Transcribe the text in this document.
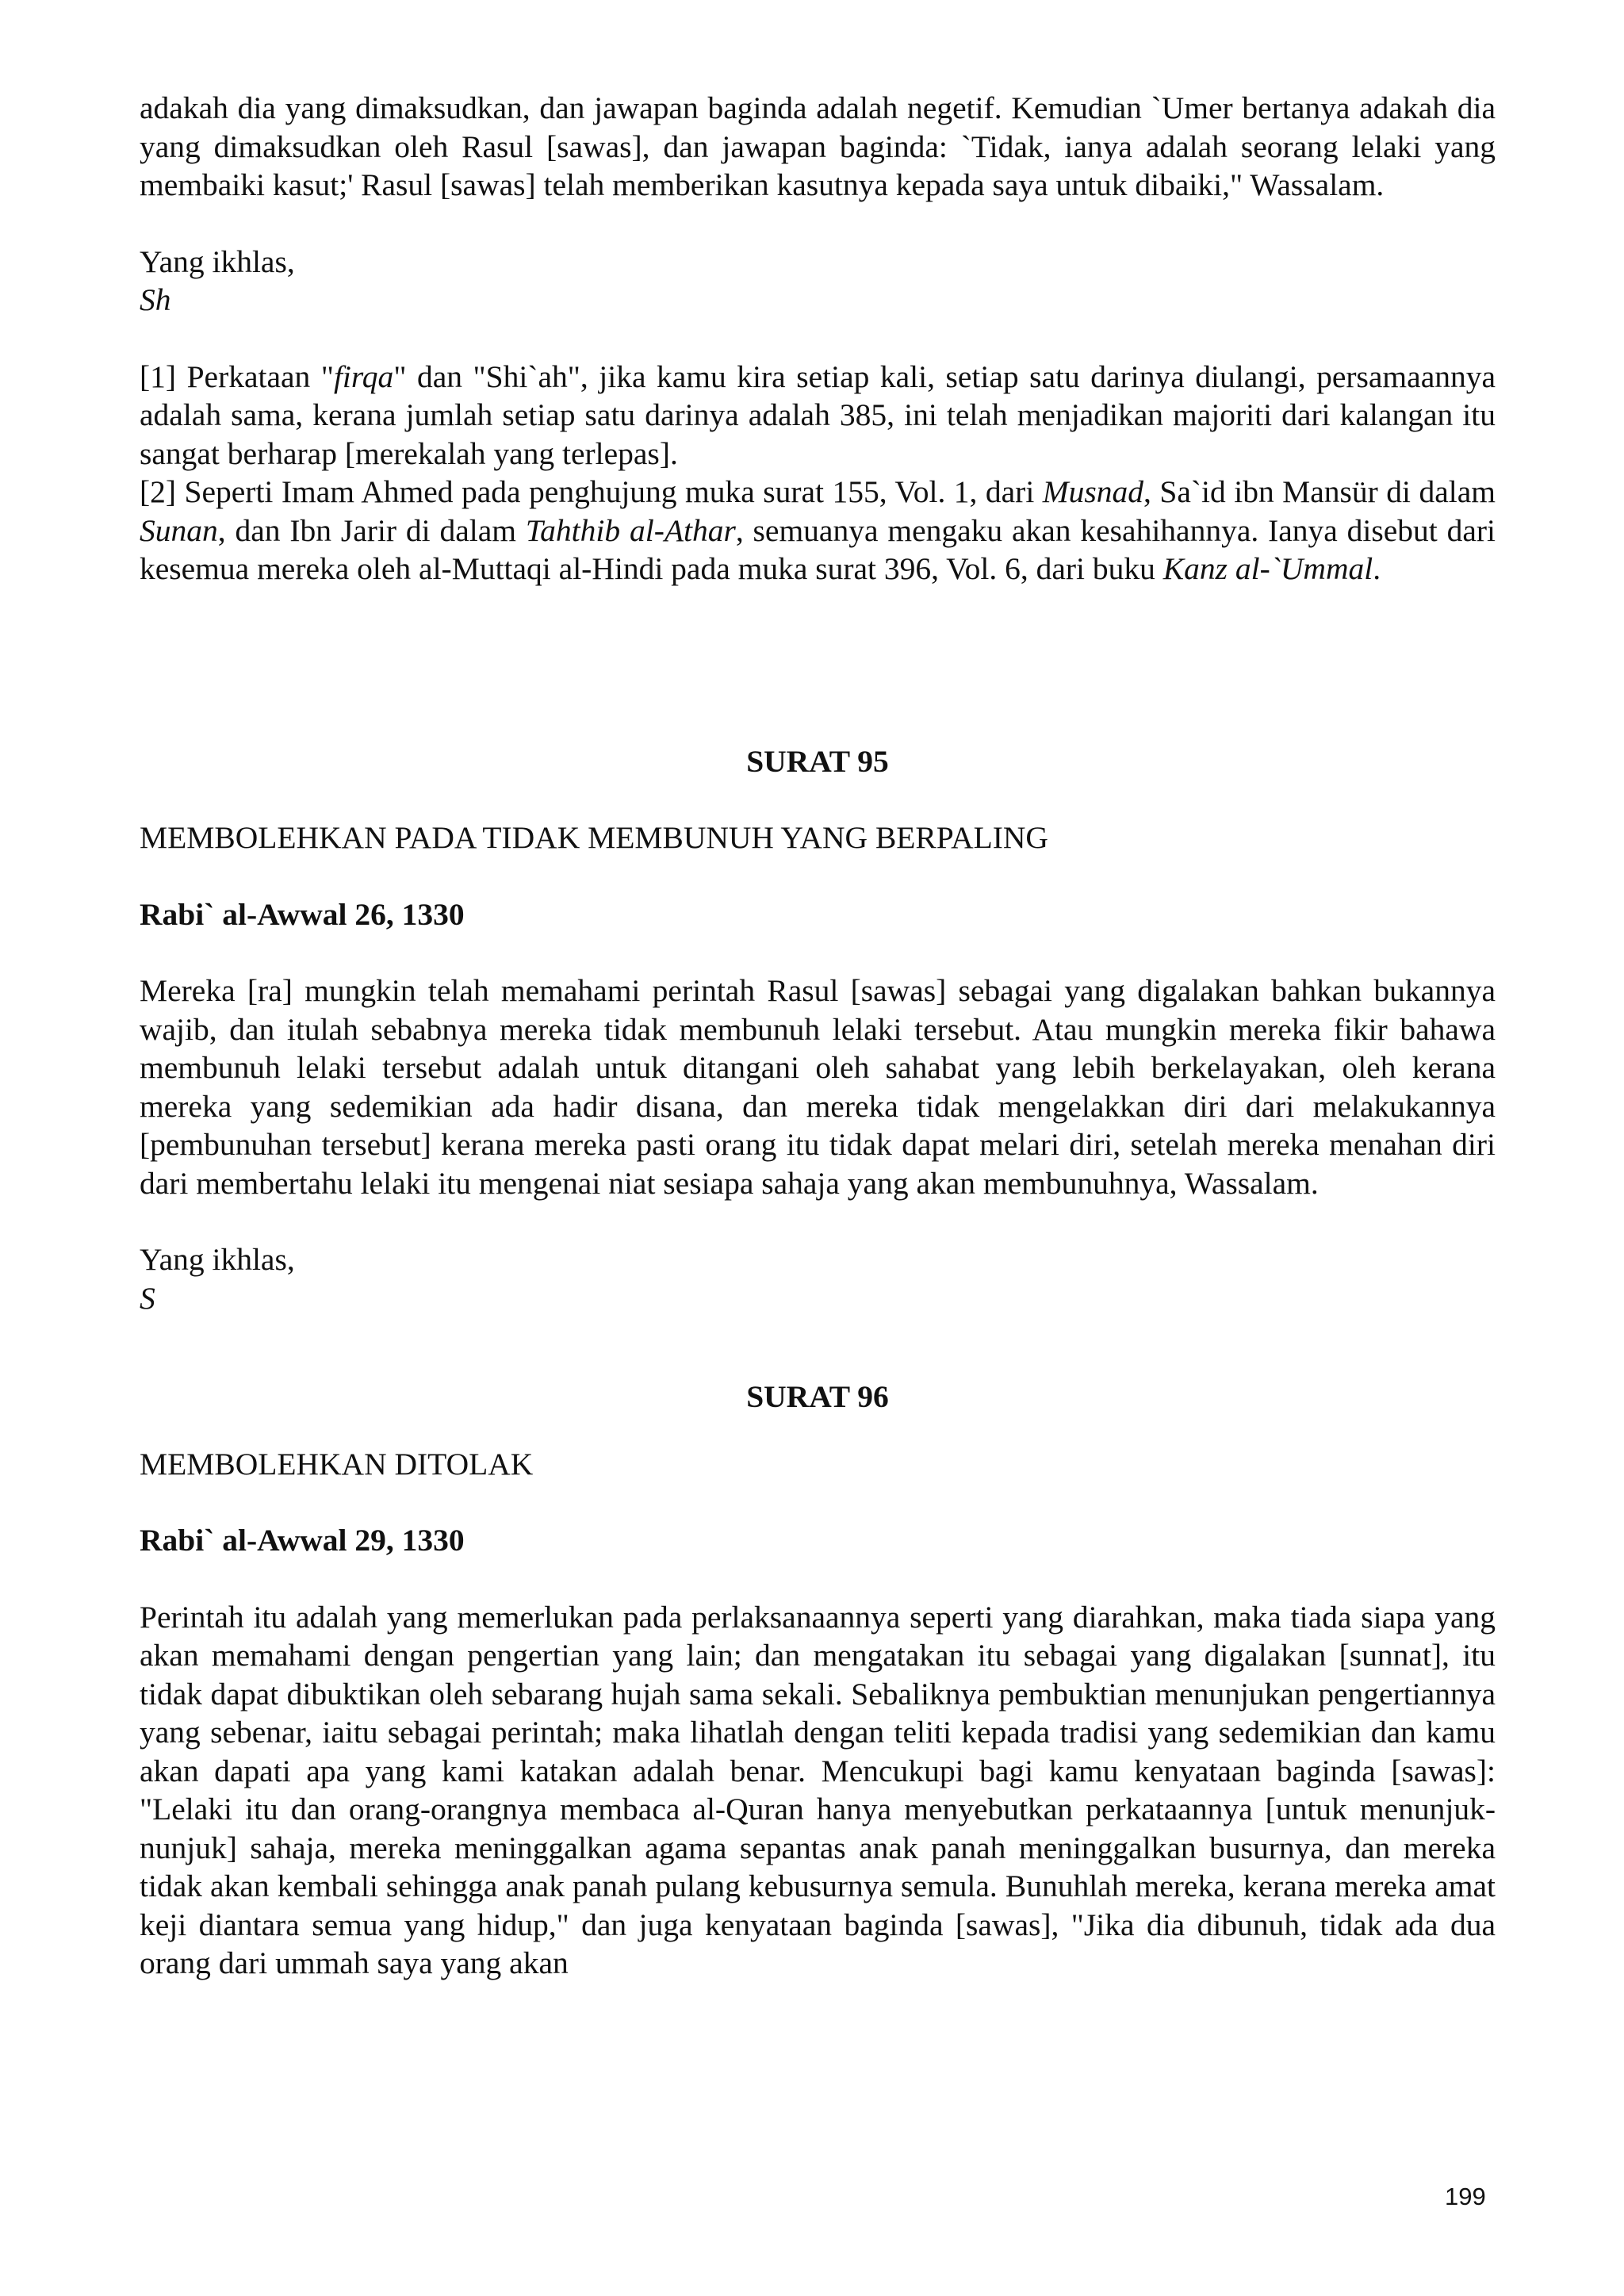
adakah dia yang dimaksudkan, dan jawapan baginda adalah negetif. Kemudian `Umer bertanya adakah dia yang dimaksudkan oleh Rasul [sawas], dan jawapan baginda: `Tidak, ianya adalah seorang lelaki yang membaiki kasut;' Rasul [sawas] telah memberikan kasutnya kepada saya untuk dibaiki," Wassalam.

Yang ikhlas,

Sh

[1] Perkataan "firqa" dan "Shi`ah", jika kamu kira setiap kali, setiap satu darinya diulangi, persamaannya adalah sama, kerana jumlah setiap satu darinya adalah 385, ini telah menjadikan majoriti dari kalangan itu sangat berharap [merekalah yang terlepas].

[2] Seperti Imam Ahmed pada penghujung muka surat 155, Vol. 1, dari Musnad, Sa`id ibn Mansür di dalam Sunan, dan Ibn Jarir di dalam Tahthib al-Athar, semuanya mengaku akan kesahihannya. Ianya disebut dari kesemua mereka oleh al-Muttaqi al-Hindi pada muka surat 396, Vol. 6, dari buku Kanz al-`Ummal.

SURAT 95

MEMBOLEHKAN PADA TIDAK MEMBUNUH YANG BERPALING

Rabi` al-Awwal 26, 1330

Mereka [ra] mungkin telah memahami perintah Rasul [sawas] sebagai yang digalakan bahkan bukannya wajib, dan itulah sebabnya mereka tidak membunuh lelaki tersebut. Atau mungkin mereka fikir bahawa membunuh lelaki tersebut adalah untuk ditangani oleh sahabat yang lebih berkelayakan, oleh kerana mereka yang sedemikian ada hadir disana, dan mereka tidak mengelakkan diri dari melakukannya [pembunuhan tersebut] kerana mereka pasti orang itu tidak dapat melari diri, setelah mereka menahan diri dari membertahu lelaki itu mengenai niat sesiapa sahaja yang akan membunuhnya, Wassalam.

Yang ikhlas,

S

SURAT 96

MEMBOLEHKAN DITOLAK

Rabi` al-Awwal 29, 1330

Perintah itu adalah yang memerlukan pada perlaksanaannya seperti yang diarahkan, maka tiada siapa yang akan memahami dengan pengertian yang lain; dan mengatakan itu sebagai yang digalakan [sunnat], itu tidak dapat dibuktikan oleh sebarang hujah sama sekali. Sebaliknya pembuktian menunjukan pengertiannya yang sebenar, iaitu sebagai perintah; maka lihatlah dengan teliti kepada tradisi yang sedemikian dan kamu akan dapati apa yang kami katakan adalah benar. Mencukupi bagi kamu kenyataan baginda [sawas]: "Lelaki itu dan orang-orangnya membaca al-Quran hanya menyebutkan perkataannya [untuk menunjuk-nunjuk] sahaja, mereka meninggalkan agama sepantas anak panah meninggalkan busurnya, dan mereka tidak akan kembali sehingga anak panah pulang kebusurnya semula. Bunuhlah mereka, kerana mereka amat keji diantara semua yang hidup," dan juga kenyataan baginda [sawas], "Jika dia dibunuh, tidak ada dua orang dari ummah saya yang akan

199
